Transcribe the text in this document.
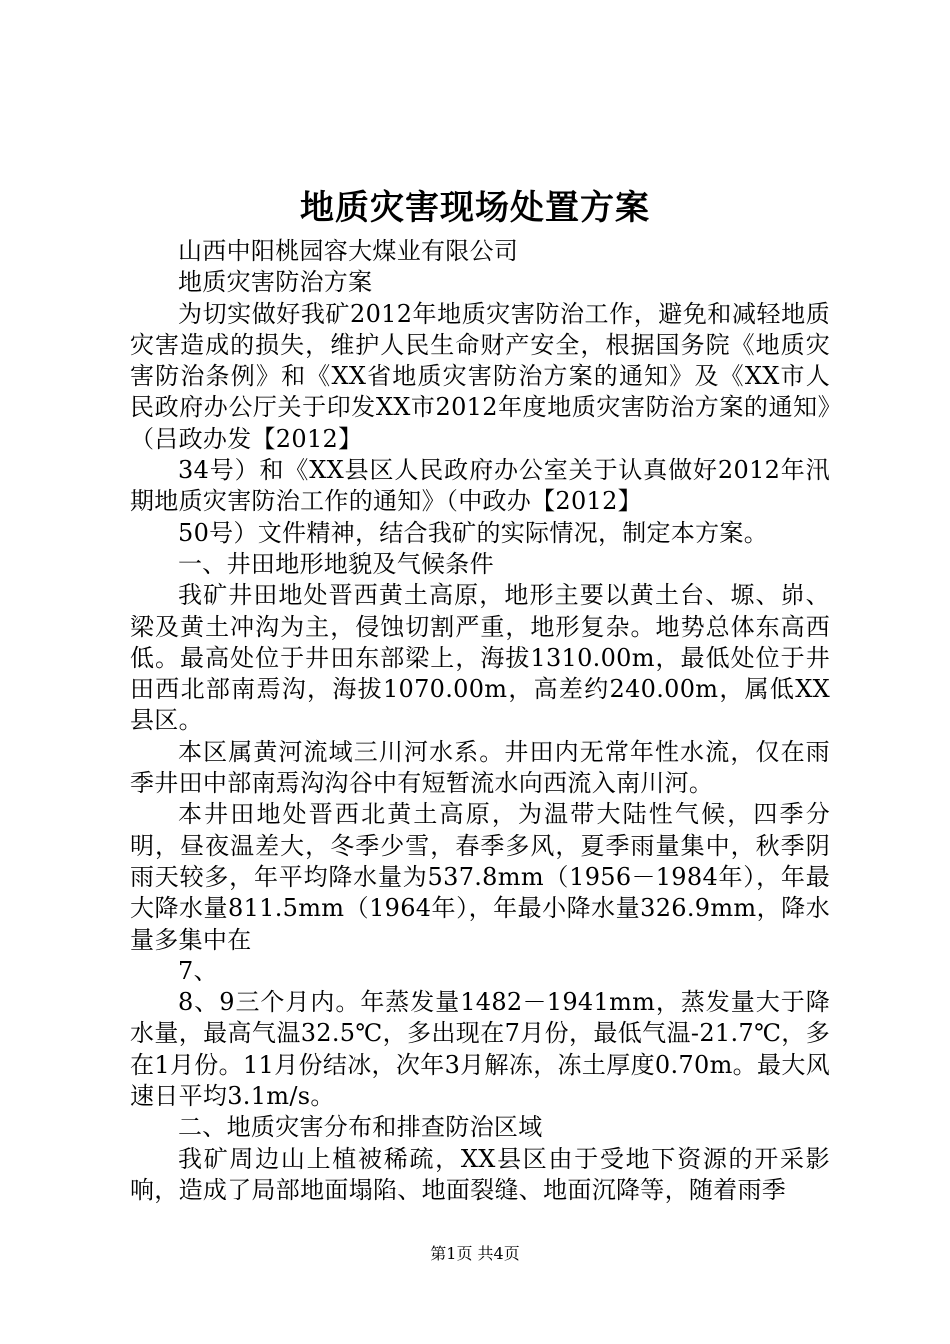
地质灾害现场处置方案

山西中阳桃园容大煤业有限公司

地质灾害防治方案

为切实做好我矿2012年地质灾害防治工作，避免和减轻地质灾害造成的损失，维护人民生命财产安全，根据国务院《地质灾害防治条例》和《XX省地质灾害防治方案的通知》及《XX市人民政府办公厅关于印发XX市2012年度地质灾害防治方案的通知》（吕政办发【2012】

34号）和《XX县区人民政府办公室关于认真做好2012年汛期地质灾害防治工作的通知》（中政办【2012】

50号）文件精神，结合我矿的实际情况，制定本方案。

一、井田地形地貌及气候条件

我矿井田地处晋西黄土高原，地形主要以黄土台、塬、峁、梁及黄土冲沟为主，侵蚀切割严重，地形复杂。地势总体东高西低。最高处位于井田东部梁上，海拔1310.00m，最低处位于井田西北部南焉沟，海拔1070.00m，高差约240.00m，属低XX县区。

本区属黄河流域三川河水系。井田内无常年性水流，仅在雨季井田中部南焉沟沟谷中有短暂流水向西流入南川河。

本井田地处晋西北黄土高原，为温带大陆性气候，四季分明，昼夜温差大，冬季少雪，春季多风，夏季雨量集中，秋季阴雨天较多，年平均降水量为537.8mm（1956－1984年），年最大降水量811.5mm（1964年），年最小降水量326.9mm，降水量多集中在

7、

8、9三个月内。年蒸发量1482－1941mm，蒸发量大于降水量，最高气温32.5℃，多出现在7月份，最低气温-21.7℃，多在1月份。11月份结冰，次年3月解冻，冻土厚度0.70m。最大风速日平均3.1m/s。

二、地质灾害分布和排查防治区域

我矿周边山上植被稀疏，XX县区由于受地下资源的开采影响，造成了局部地面塌陷、地面裂缝、地面沉降等，随着雨季

第1页 共4页
